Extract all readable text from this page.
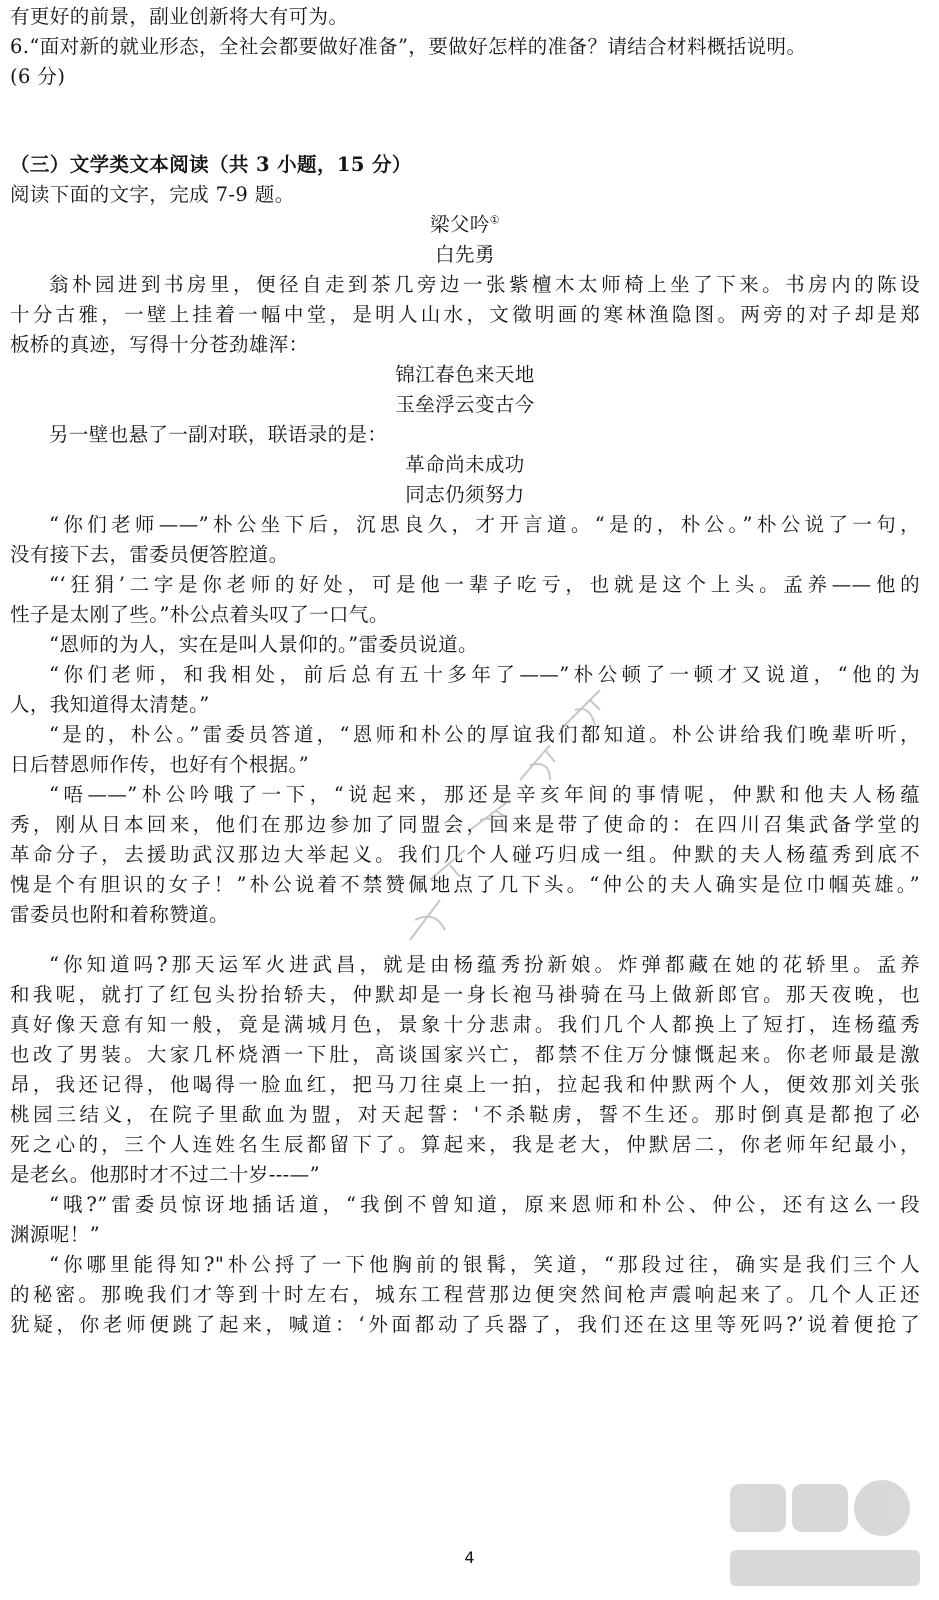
有更好的前景，副业创新将大有可为。
6.“面对新的就业形态，全社会都要做好准备”，要做好怎样的准备？请结合材料概括说明。
(6 分)
（三）文学类文本阅读（共 3 小题，15 分）
阅读下面的文字，完成 7-9 题。
梁父吟①
白先勇
翁朴园进到书房里，便径自走到茶几旁边一张紫檀木太师椅上坐了下来。书房内的陈设
十分古雅，一壁上挂着一幅中堂，是明人山水，文徵明画的寒林渔隐图。两旁的对子却是郑
板桥的真迹，写得十分苍劲雄浑：
锦江春色来天地
玉垒浮云变古今
另一壁也悬了一副对联，联语录的是：
革命尚未成功
同志仍须努力
“你们老师——”朴公坐下后，沉思良久，才开言道。“是的，朴公。”朴公说了一句，
没有接下去，雷委员便答腔道。
“‘狂狷’二字是你老师的好处，可是他一辈子吃亏，也就是这个上头。孟养——他的
性子是太刚了些。”朴公点着头叹了一口气。
“恩师的为人，实在是叫人景仰的。”雷委员说道。
“你们老师，和我相处，前后总有五十多年了——”朴公顿了一顿才又说道，“他的为
人，我知道得太清楚。”
“是的，朴公。”雷委员答道，“恩师和朴公的厚谊我们都知道。朴公讲给我们晚辈听听，
日后替恩师作传，也好有个根据。”
“唔——”朴公吟哦了一下，“说起来，那还是辛亥年间的事情呢，仲默和他夫人杨蕴
秀，刚从日本回来，他们在那边参加了同盟会，回来是带了使命的：在四川召集武备学堂的
革命分子，去援助武汉那边大举起义。我们几个人碰巧归成一组。仲默的夫人杨蕴秀到底不
愧是个有胆识的女子！”朴公说着不禁赞佩地点了几下头。“仲公的夫人确实是位巾帼英雄。”
雷委员也附和着称赞道。
“你知道吗?那天运军火进武昌，就是由杨蕴秀扮新娘。炸弹都藏在她的花轿里。孟养
和我呢，就打了红包头扮抬轿夫，仲默却是一身长袍马褂骑在马上做新郎官。那天夜晚，也
真好像天意有知一般，竟是满城月色，景象十分悲肃。我们几个人都换上了短打，连杨蕴秀
也改了男装。大家几杯烧酒一下肚，高谈国家兴亡，都禁不住万分慷慨起来。你老师最是激
昂，我还记得，他喝得一脸血红，把马刀往桌上一拍，拉起我和仲默两个人，便效那刘关张
桃园三结义，在院子里歃血为盟，对天起誓：'不杀鞑虏，誓不生还。那时倒真是都抱了必
死之心的，三个人连姓名生辰都留下了。算起来，我是老大，仲默居二，你老师年纪最小，
是老幺。他那时才不过二十岁---—”
“哦?”雷委员惊讶地插话道，“我倒不曾知道，原来恩师和朴公、仲公，还有这么一段
渊源呢！”
“你哪里能得知?"朴公捋了一下他胸前的银髯，笑道，“那段过往，确实是我们三个人
的秘密。那晚我们才等到十时左右，城东工程营那边便突然间枪声震响起来了。几个人正还
犹疑，你老师便跳了起来，喊道：‘外面都动了兵器了，我们还在这里等死吗?’说着便抢了
4
